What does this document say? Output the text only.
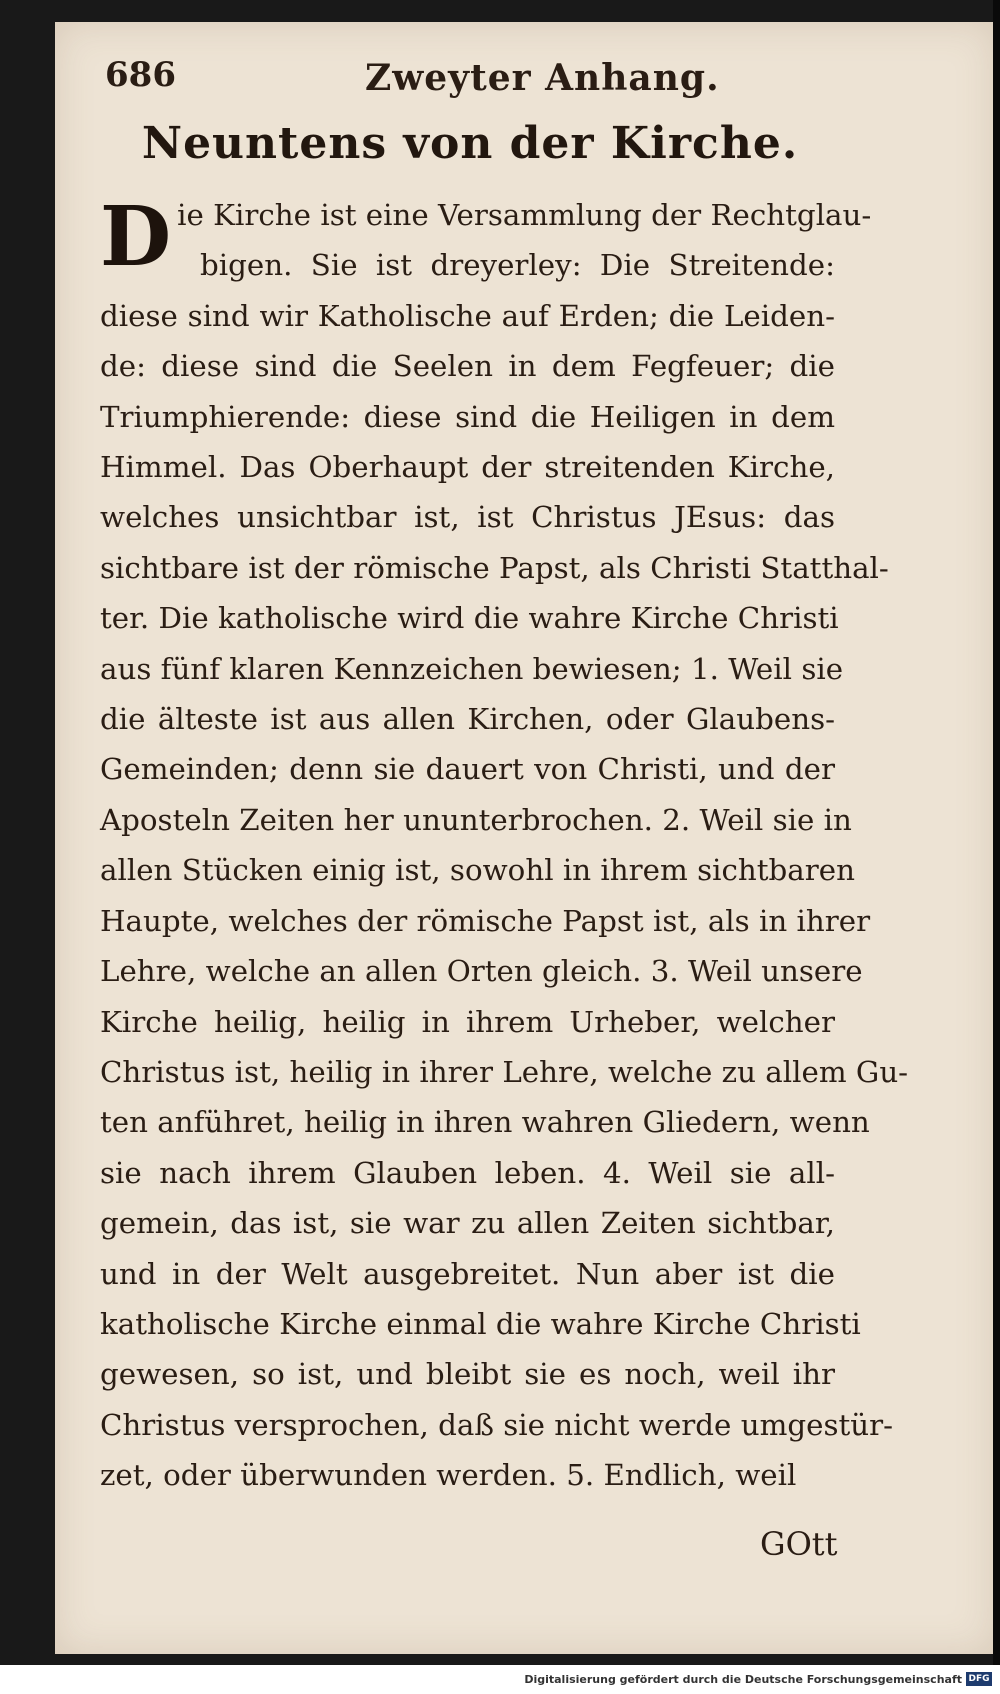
686	Zweyter Anhang.
Neuntens von der Kirche.
D ie Kirche ist eine Versammlung der Rechtglau-
bigen. Sie ist dreyerley: Die Streitende:
diese sind wir Katholische auf Erden; die Leiden-
de: diese sind die Seelen in dem Fegfeuer; die
Triumphierende: diese sind die Heiligen in dem
Himmel. Das Oberhaupt der streitenden Kirche,
welches unsichtbar ist, ist Christus JEsus: das
sichtbare ist der römische Papst, als Christi Statthal-
ter. Die katholische wird die wahre Kirche Christi
aus fünf klaren Kennzeichen bewiesen; 1. Weil sie
die älteste ist aus allen Kirchen, oder Glaubens-
Gemeinden; denn sie dauert von Christi, und der
Aposteln Zeiten her ununterbrochen. 2. Weil sie in
allen Stücken einig ist, sowohl in ihrem sichtbaren
Haupte, welches der römische Papst ist, als in ihrer
Lehre, welche an allen Orten gleich. 3. Weil unsere
Kirche heilig, heilig in ihrem Urheber, welcher
Christus ist, heilig in ihrer Lehre, welche zu allem Gu-
ten anführet, heilig in ihren wahren Gliedern, wenn
sie nach ihrem Glauben leben. 4. Weil sie all-
gemein, das ist, sie war zu allen Zeiten sichtbar,
und in der Welt ausgebreitet. Nun aber ist die
katholische Kirche einmal die wahre Kirche Christi
gewesen, so ist, und bleibt sie es noch, weil ihr
Christus versprochen, daß sie nicht werde umgestür-
zet, oder überwunden werden. 5. Endlich, weil
GOtt
Digitalisierung gefördert durch die Deutsche Forschungsgemeinschaft DFG
